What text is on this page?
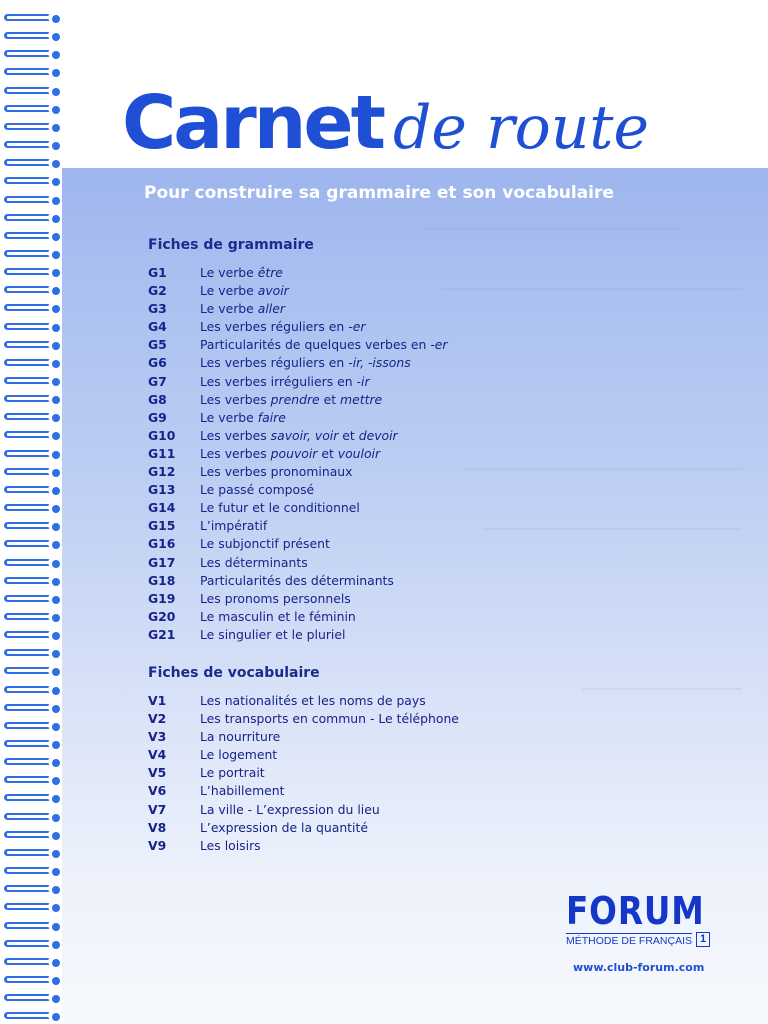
Carnet de route
Pour construire sa grammaire et son vocabulaire
Fiches de grammaire
G1	Le verbe être
G2	Le verbe avoir
G3	Le verbe aller
G4	Les verbes réguliers en -er
G5	Particularités de quelques verbes en -er
G6	Les verbes réguliers en -ir, -issons
G7	Les verbes irréguliers en -ir
G8	Les verbes prendre et mettre
G9	Le verbe faire
G10 Les verbes savoir, voir et devoir
G11 Les verbes pouvoir et vouloir
G12 Les verbes pronominaux
G13 Le passé composé
G14 Le futur et le conditionnel
G15 L’impératif
G16 Le subjonctif présent
G17 Les déterminants
G18 Particularités des déterminants
G19 Les pronoms personnels
G20 Le masculin et le féminin
G21 Le singulier et le pluriel
Fiches de vocabulaire
V1	Les nationalités et les noms de pays
V2	Les transports en commun - Le téléphone
V3	La nourriture
V4	Le logement
V5	Le portrait
V6	L’habillement
V7	La ville - L’expression du lieu
V8	L’expression de la quantité
V9	Les loisirs
FORUM
MÉTHODE DE FRANÇAIS 1
www.club-forum.com
